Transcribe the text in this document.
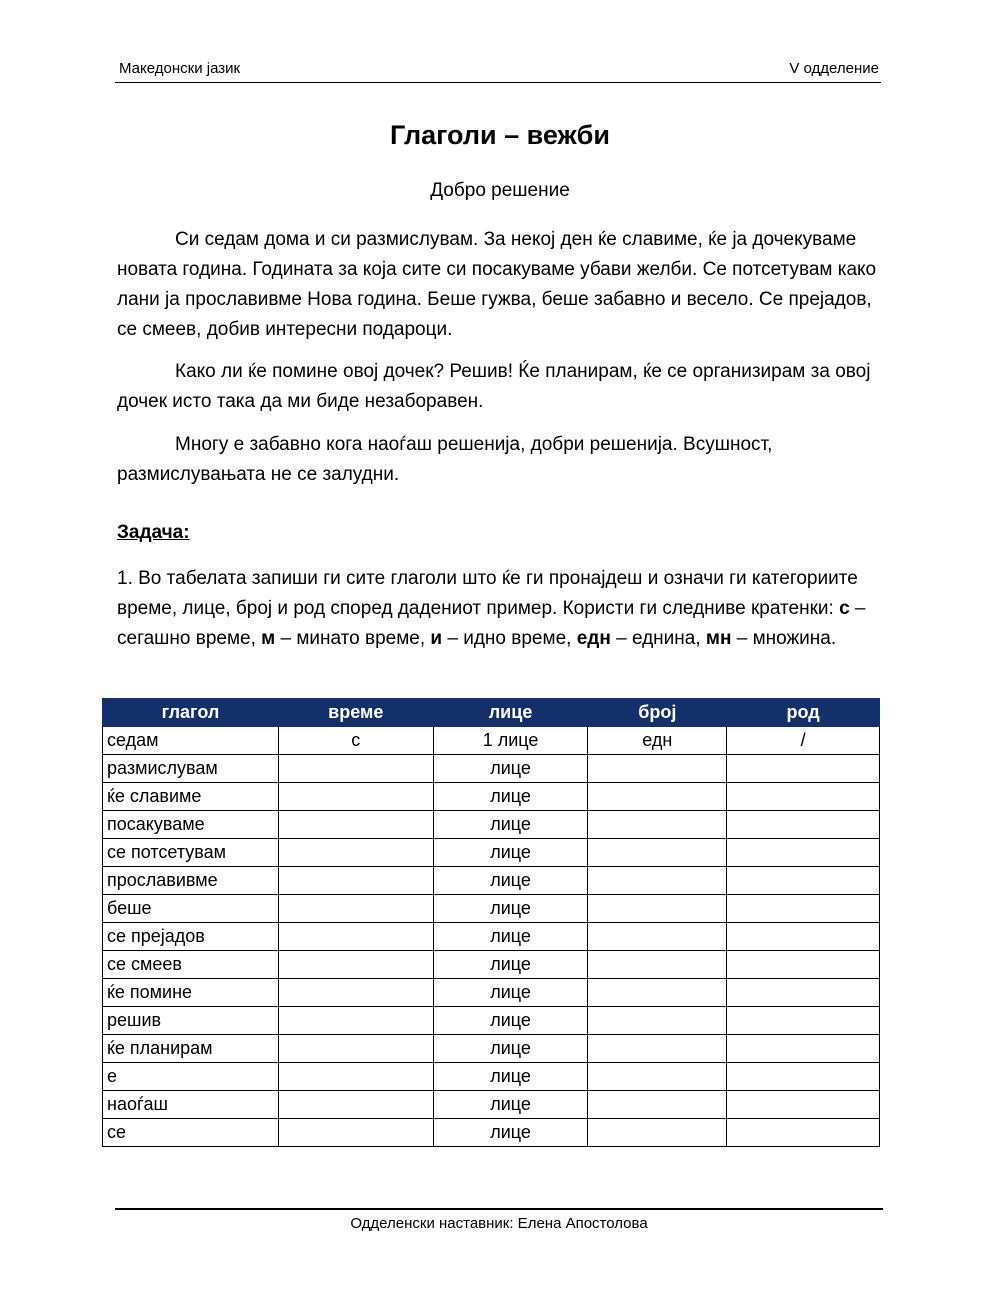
Македонски јазик	V одделение
Глаголи – вежби
Добро решение

Си седам дома и си размислувам. За некој ден ќе славиме, ќе ја дочекуваме новата година. Годината за која сите си посакуваме убави желби. Се потсетувам како лани ја прославивме Нова година. Беше гужва, беше забавно и весело. Се прејадов, се смеев, добив интересни подароци.

Како ли ќе помине овој дочек? Решив! Ќе планирам, ќе се организирам за овој дочек исто така да ми биде незаборавен.

Многу е забавно кога наоѓаш решенија, добри решенија. Всушност, размислувањата не се залудни.

Задача:

1. Во табелата запиши ги сите глаголи што ќе ги пронајдеш и означи ги категориите време, лице, број и род според дадениот пример. Користи ги следниве кратенки: с – сегашно време, м – минато време, и – идно време, едн – еднина, мн – множина.

глагол	време	лице	број	род
седам	с	1 лице	едн	/
размислувам		лице		
ќе славиме		лице		
посакуваме		лице		
се потсетувам		лице		
прославивме		лице		
беше		лице		
се прејадов		лице		
се смеев		лице		
ќе помине		лице		
решив		лице		
ќе планирам		лице		
е		лице		
наоѓаш		лице		
се		лице		
Одделенски наставник: Елена Апостолова
